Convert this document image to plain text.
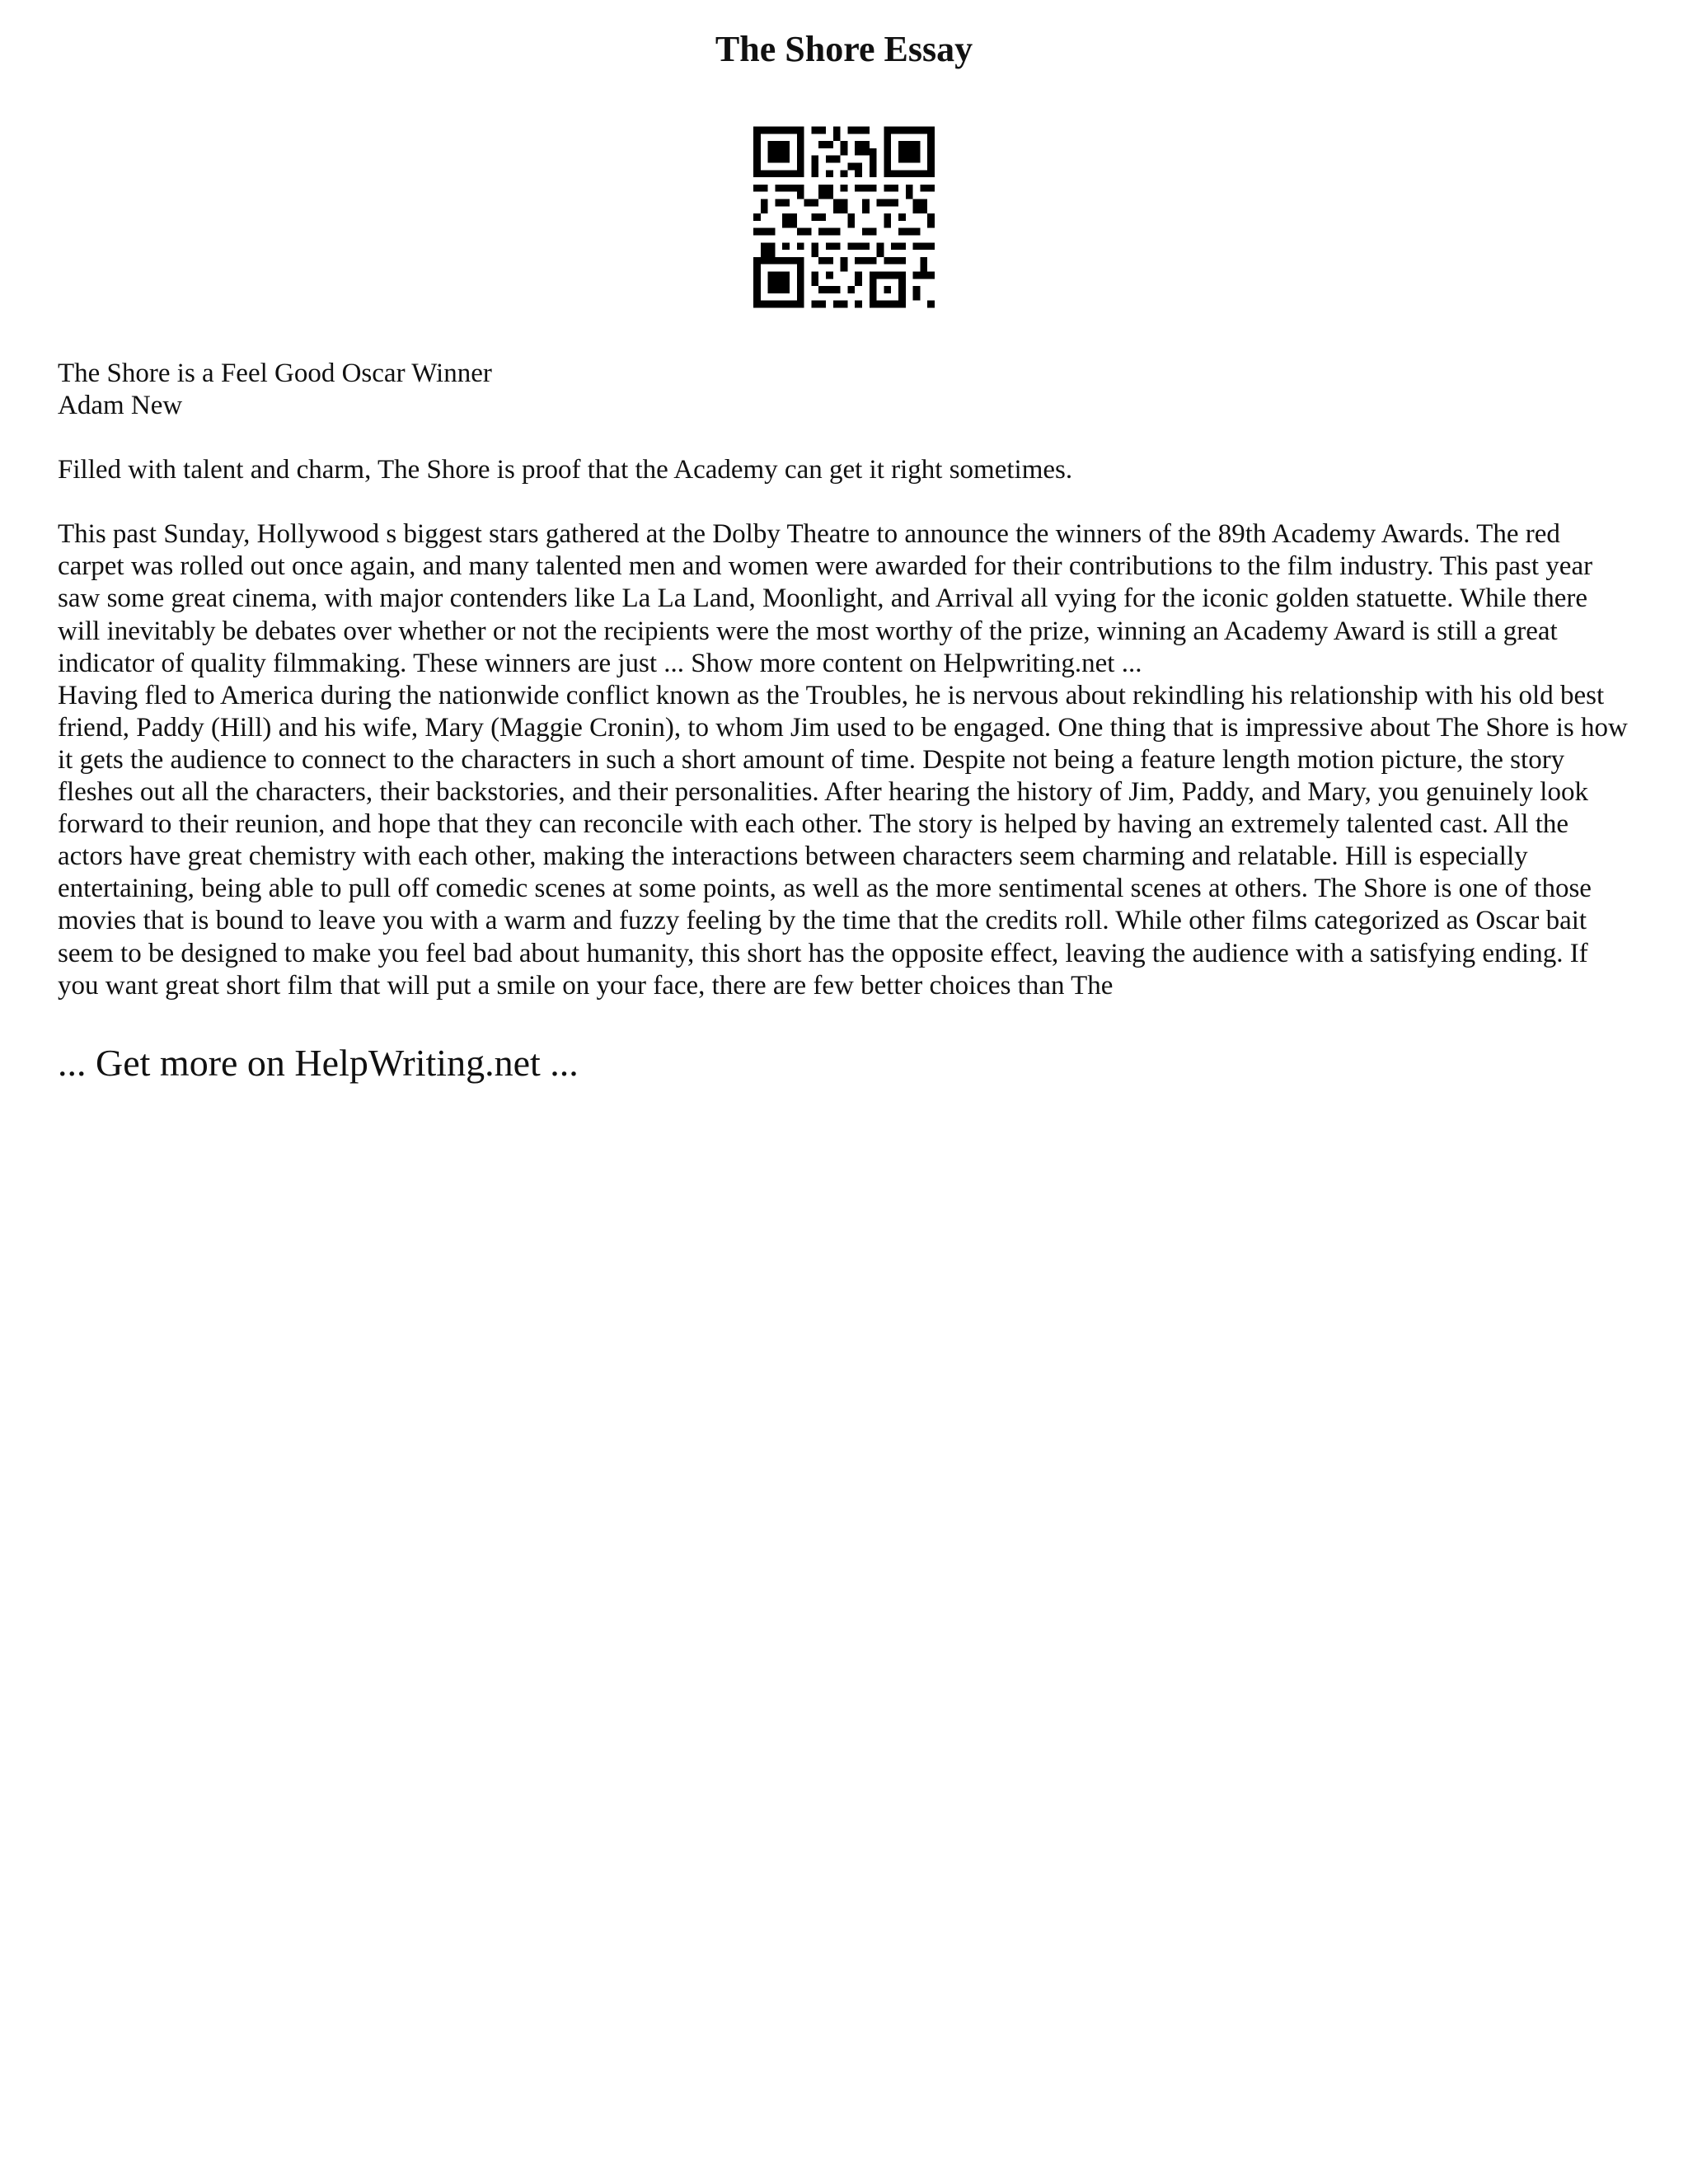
The Shore Essay

The Shore is a Feel Good Oscar Winner

Adam New

Filled with talent and charm, The Shore is proof that the Academy can get it right sometimes.

This past Sunday, Hollywood s biggest stars gathered at the Dolby Theatre to announce the winners of the 89th Academy Awards. The red carpet was rolled out once again, and many talented men and women were awarded for their contributions to the film industry. This past year saw some great cinema, with major contenders like La La Land, Moonlight, and Arrival all vying for the iconic golden statuette. While there will inevitably be debates over whether or not the recipients were the most worthy of the prize, winning an Academy Award is still a great indicator of quality filmmaking. These winners are just ... Show more content on Helpwriting.net ...

Having fled to America during the nationwide conflict known as the Troubles, he is nervous about rekindling his relationship with his old best friend, Paddy (Hill) and his wife, Mary (Maggie Cronin), to whom Jim used to be engaged. One thing that is impressive about The Shore is how it gets the audience to connect to the characters in such a short amount of time. Despite not being a feature length motion picture, the story fleshes out all the characters, their backstories, and their personalities. After hearing the history of Jim, Paddy, and Mary, you genuinely look forward to their reunion, and hope that they can reconcile with each other. The story is helped by having an extremely talented cast. All the actors have great chemistry with each other, making the interactions between characters seem charming and relatable. Hill is especially entertaining, being able to pull off comedic scenes at some points, as well as the more sentimental scenes at others. The Shore is one of those movies that is bound to leave you with a warm and fuzzy feeling by the time that the credits roll. While other films categorized as Oscar bait seem to be designed to make you feel bad about humanity, this short has the opposite effect, leaving the audience with a satisfying ending. If you want great short film that will put a smile on your face, there are few better choices than The

... Get more on HelpWriting.net ...
